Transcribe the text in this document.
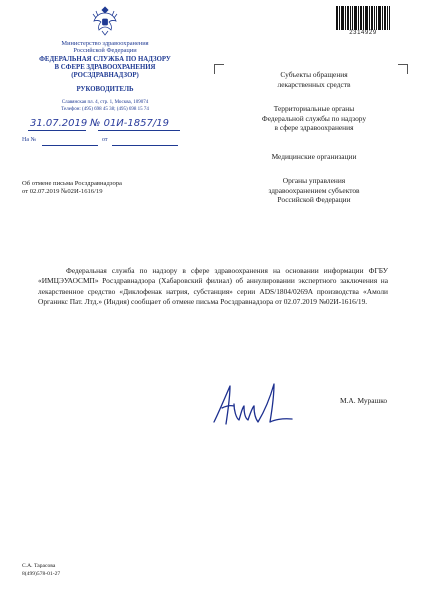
Министерство здравоохранения
Российской Федерации
ФЕДЕРАЛЬНАЯ СЛУЖБА ПО НАДЗОРУ
В СФЕРЕ ЗДРАВООХРАНЕНИЯ
(РОСЗДРАВНАДЗОР)
РУКОВОДИТЕЛЬ
Славянская пл. 4, стр. 1, Москва, 109074
Телефон: (495) 698 45 38; (495) 698 15 74
31.07.2019 № 01И-1857/19
На №	от
2314929
Субъекты обращения
лекарственных средств
Территориальные органы
Федеральной службы по надзору
в сфере здравоохранения
Медицинские организации
Органы управления
здравоохранением субъектов
Российской Федерации
Об отмене письма Росздравнадзора
от 02.07.2019 №02И-1616/19

Федеральная служба по надзору в сфере здравоохранения на основании информации ФГБУ «ИМЦЭУАОСМП» Росздравнадзора (Хабаровский филиал) об аннулировании экспертного заключения на лекарственное средство «Диклофенак натрия, субстанция» серии ADS/1804/0269A производства «Амоли Органикс Пат. Лтд.» (Индия) сообщает об отмене письма Росздравнадзора от 02.07.2019 №02И-1616/19.

М.А. Мурашко
С.А. Тарасова
8(499)578-01-27
